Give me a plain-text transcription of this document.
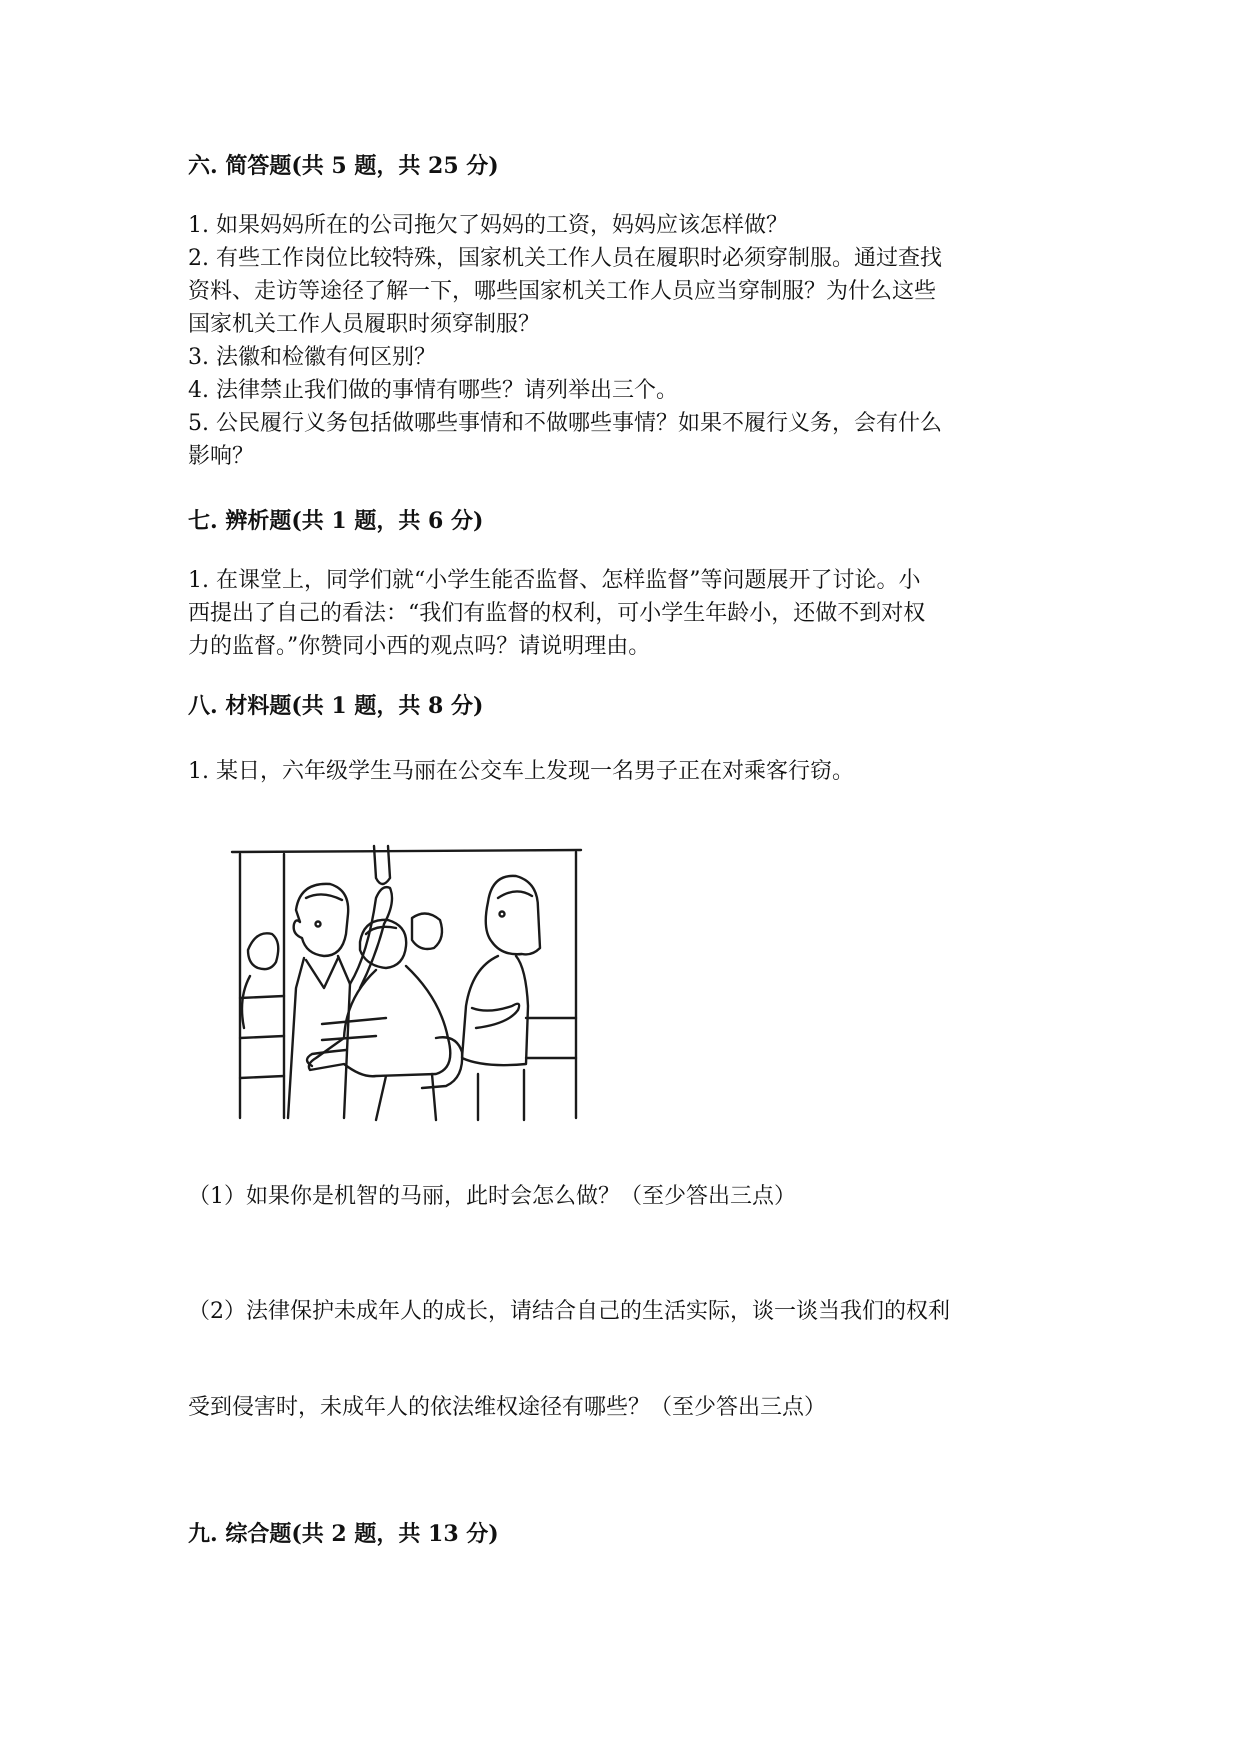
六. 简答题(共 5 题，共 25 分)
1. 如果妈妈所在的公司拖欠了妈妈的工资，妈妈应该怎样做？
2. 有些工作岗位比较特殊，国家机关工作人员在履职时必须穿制服。通过查找
资料、走访等途径了解一下，哪些国家机关工作人员应当穿制服？为什么这些
国家机关工作人员履职时须穿制服？
3. 法徽和检徽有何区别？
4. 法律禁止我们做的事情有哪些？请列举出三个。
5. 公民履行义务包括做哪些事情和不做哪些事情？如果不履行义务，会有什么
影响？
七. 辨析题(共 1 题，共 6 分)
1. 在课堂上，同学们就“小学生能否监督、怎样监督”等问题展开了讨论。小
西提出了自己的看法：“我们有监督的权利，可小学生年龄小，还做不到对权
力的监督。”你赞同小西的观点吗？请说明理由。
八. 材料题(共 1 题，共 8 分)
1. 某日，六年级学生马丽在公交车上发现一名男子正在对乘客行窃。
（1）如果你是机智的马丽，此时会怎么做？（至少答出三点）
（2）法律保护未成年人的成长，请结合自己的生活实际，谈一谈当我们的权利
受到侵害时，未成年人的依法维权途径有哪些？（至少答出三点）
九. 综合题(共 2 题，共 13 分)
